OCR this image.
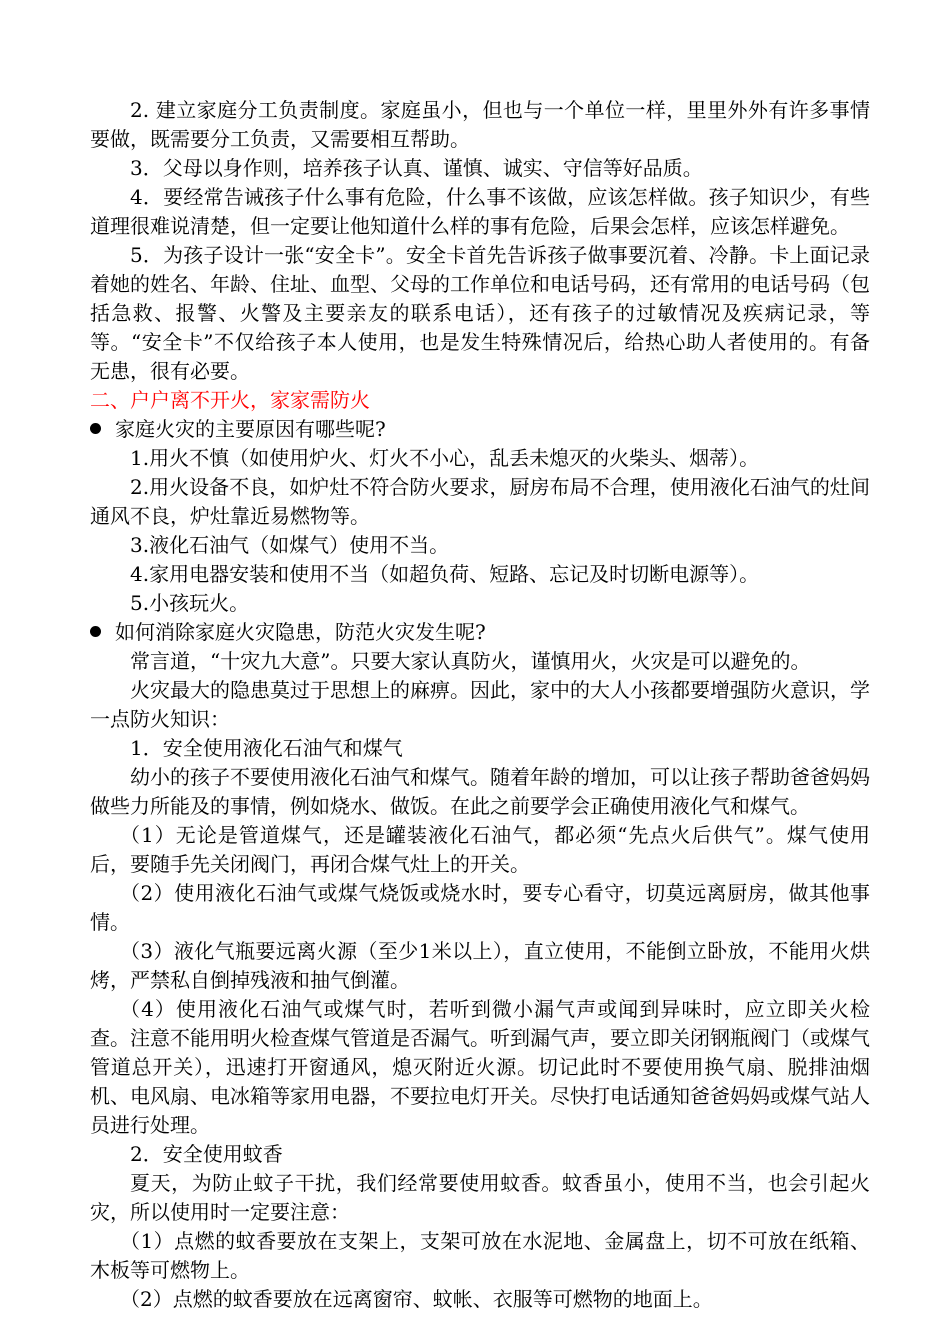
2. 建立家庭分工负责制度。家庭虽小，但也与一个单位一样，里里外外有许多事情要做，既需要分工负责，又需要相互帮助。

3．父母以身作则，培养孩子认真、谨慎、诚实、守信等好品质。

4．要经常告诫孩子什么事有危险，什么事不该做，应该怎样做。孩子知识少，有些道理很难说清楚，但一定要让他知道什么样的事有危险，后果会怎样，应该怎样避免。

5．为孩子设计一张“安全卡”。安全卡首先告诉孩子做事要沉着、冷静。卡上面记录着她的姓名、年龄、住址、血型、父母的工作单位和电话号码，还有常用的电话号码（包括急救、报警、火警及主要亲友的联系电话），还有孩子的过敏情况及疾病记录，等等。“安全卡”不仅给孩子本人使用，也是发生特殊情况后，给热心助人者使用的。有备无患，很有必要。

二、户户离不开火，家家需防火

家庭火灾的主要原因有哪些呢?

1.用火不慎（如使用炉火、灯火不小心，乱丢未熄灭的火柴头、烟蒂）。

2.用火设备不良，如炉灶不符合防火要求，厨房布局不合理，使用液化石油气的灶间通风不良，炉灶靠近易燃物等。

3.液化石油气（如煤气）使用不当。

4.家用电器安装和使用不当（如超负荷、短路、忘记及时切断电源等）。

5.小孩玩火。

如何消除家庭火灾隐患，防范火灾发生呢?

常言道，“十灾九大意”。只要大家认真防火，谨慎用火，火灾是可以避免的。

火灾最大的隐患莫过于思想上的麻痹。因此，家中的大人小孩都要增强防火意识，学一点防火知识：

1．安全使用液化石油气和煤气

幼小的孩子不要使用液化石油气和煤气。随着年龄的增加，可以让孩子帮助爸爸妈妈做些力所能及的事情，例如烧水、做饭。在此之前要学会正确使用液化气和煤气。

（1）无论是管道煤气，还是罐装液化石油气，都必须“先点火后供气”。煤气使用后，要随手先关闭阀门，再闭合煤气灶上的开关。

（2）使用液化石油气或煤气烧饭或烧水时，要专心看守，切莫远离厨房，做其他事情。

（3）液化气瓶要远离火源（至少1米以上），直立使用，不能倒立卧放，不能用火烘烤，严禁私自倒掉残液和抽气倒灌。

（4）使用液化石油气或煤气时，若听到微小漏气声或闻到异味时，应立即关火检查。注意不能用明火检查煤气管道是否漏气。听到漏气声，要立即关闭钢瓶阀门（或煤气管道总开关），迅速打开窗通风，熄灭附近火源。切记此时不要使用换气扇、脱排油烟机、电风扇、电冰箱等家用电器，不要拉电灯开关。尽快打电话通知爸爸妈妈或煤气站人员进行处理。

2．安全使用蚊香

夏天，为防止蚊子干扰，我们经常要使用蚊香。蚊香虽小，使用不当，也会引起火灾，所以使用时一定要注意：

（1）点燃的蚊香要放在支架上，支架可放在水泥地、金属盘上，切不可放在纸箱、木板等可燃物上。

（2）点燃的蚊香要放在远离窗帘、蚊帐、衣服等可燃物的地面上。
